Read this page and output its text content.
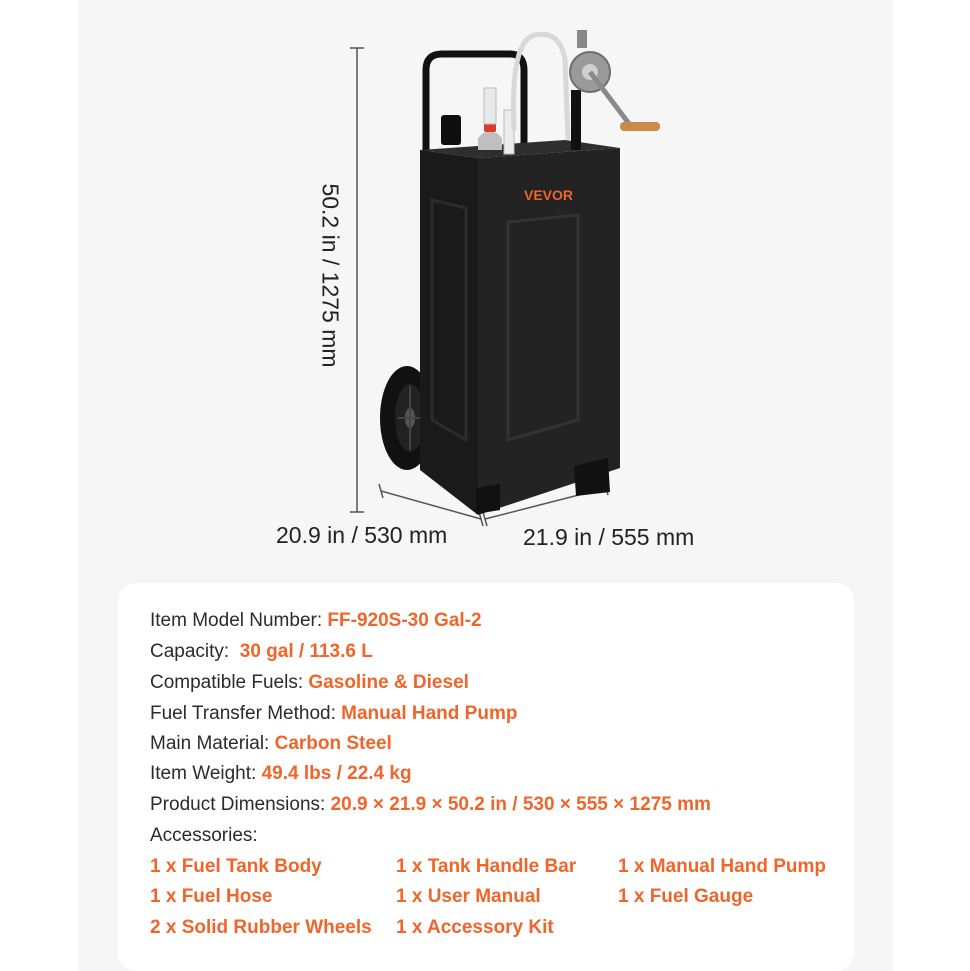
VEVOR
50.2 in / 1275 mm
20.9 in / 530 mm	21.9 in / 555 mm
Item Model Number: FF-920S-30 Gal-2
Capacity:  30 gal / 113.6 L
Compatible Fuels: Gasoline & Diesel
Fuel Transfer Method: Manual Hand Pump
Main Material: Carbon Steel
Item Weight: 49.4 lbs / 22.4 kg
Product Dimensions: 20.9 × 21.9 × 50.2 in / 530 × 555 × 1275 mm
Accessories:
1 x Fuel Tank Body	1 x Tank Handle Bar 1 x Manual Hand Pump
1 x Fuel Hose	1 x User Manual	1 x Fuel Gauge
2 x Solid Rubber Wheels 1 x Accessory Kit
